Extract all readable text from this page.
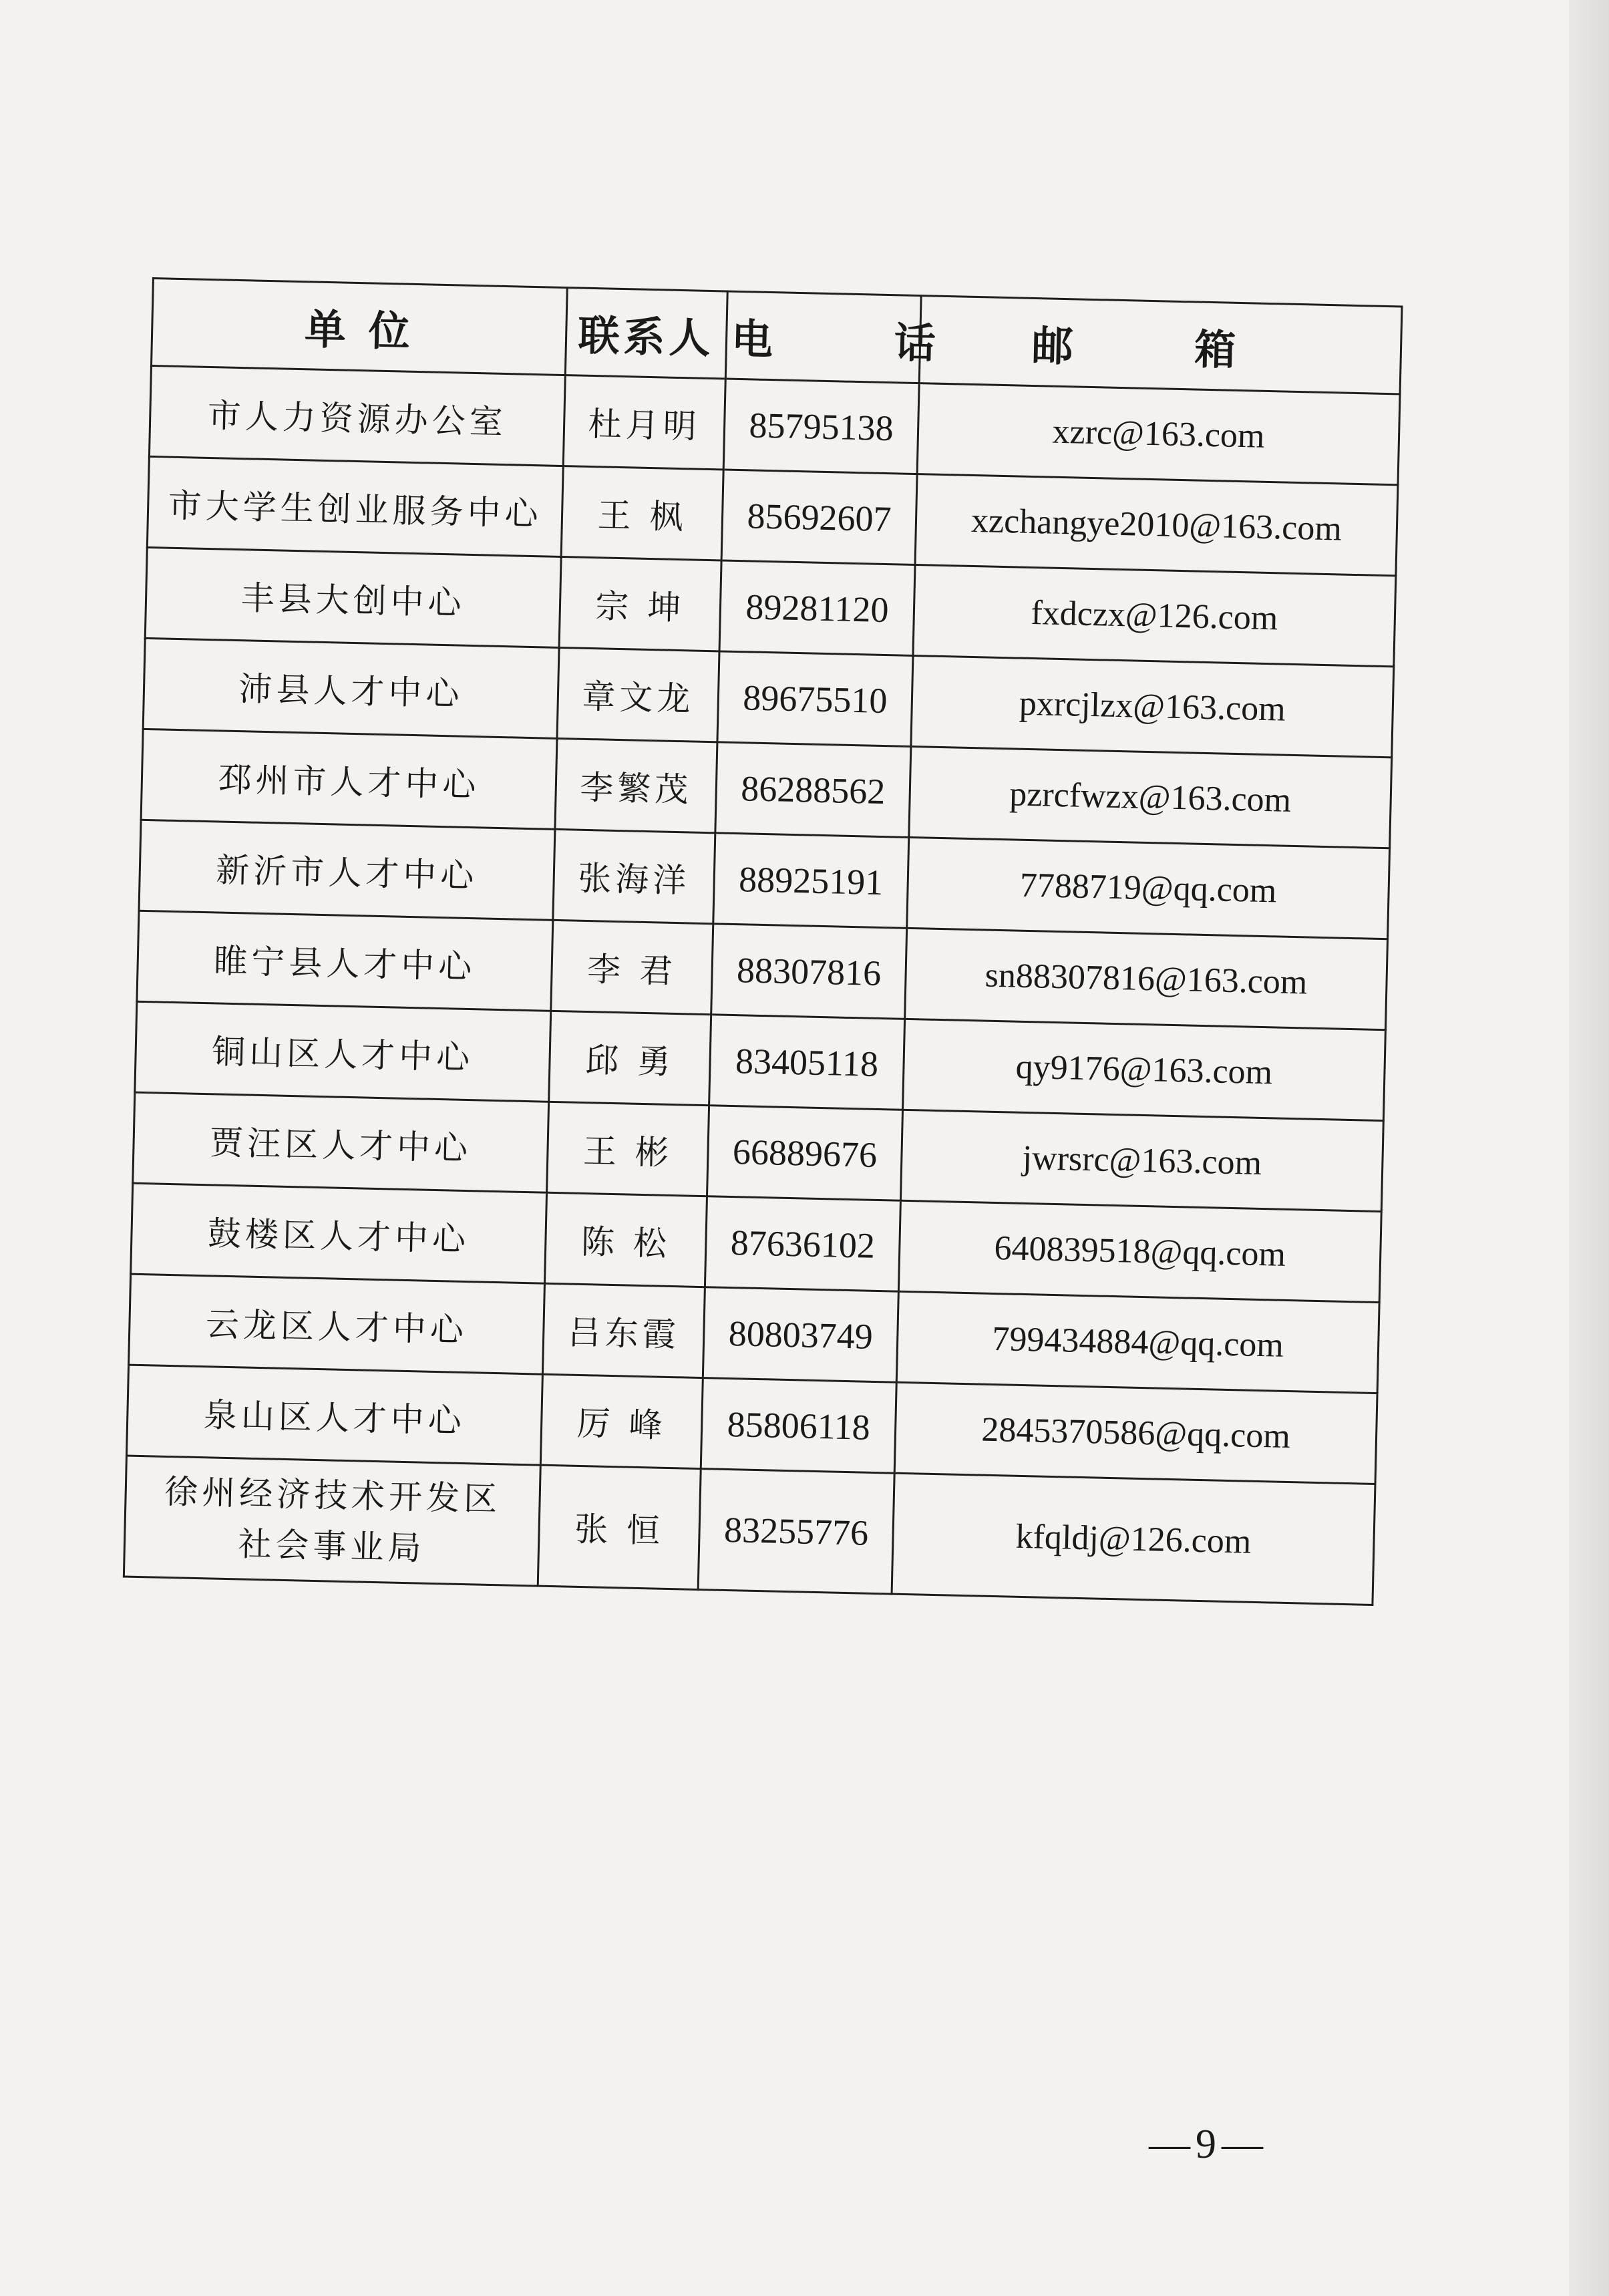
单 位	联系人	电 话	邮 箱
市人力资源办公室	杜月明	85795138	xzrc@163.com
市大学生创业服务中心	王 枫	85692607	xzchangye2010@163.com
丰县大创中心	宗 坤	89281120	fxdczx@126.com
沛县人才中心	章文龙	89675510	pxrcjlzx@163.com
邳州市人才中心	李繁茂	86288562	pzrcfwzx@163.com
新沂市人才中心	张海洋	88925191	7788719@qq.com
睢宁县人才中心	李 君	88307816	sn88307816@163.com
铜山区人才中心	邱 勇	83405118	qy9176@163.com
贾汪区人才中心	王 彬	66889676	jwrsrc@163.com
鼓楼区人才中心	陈 松	87636102	640839518@qq.com
云龙区人才中心	吕东霞	80803749	799434884@qq.com
泉山区人才中心	厉 峰	85806118	2845370586@qq.com

徐州经济技术开发区
社会事业局	张 恒	83255776	kfqldj@126.com
—9—
